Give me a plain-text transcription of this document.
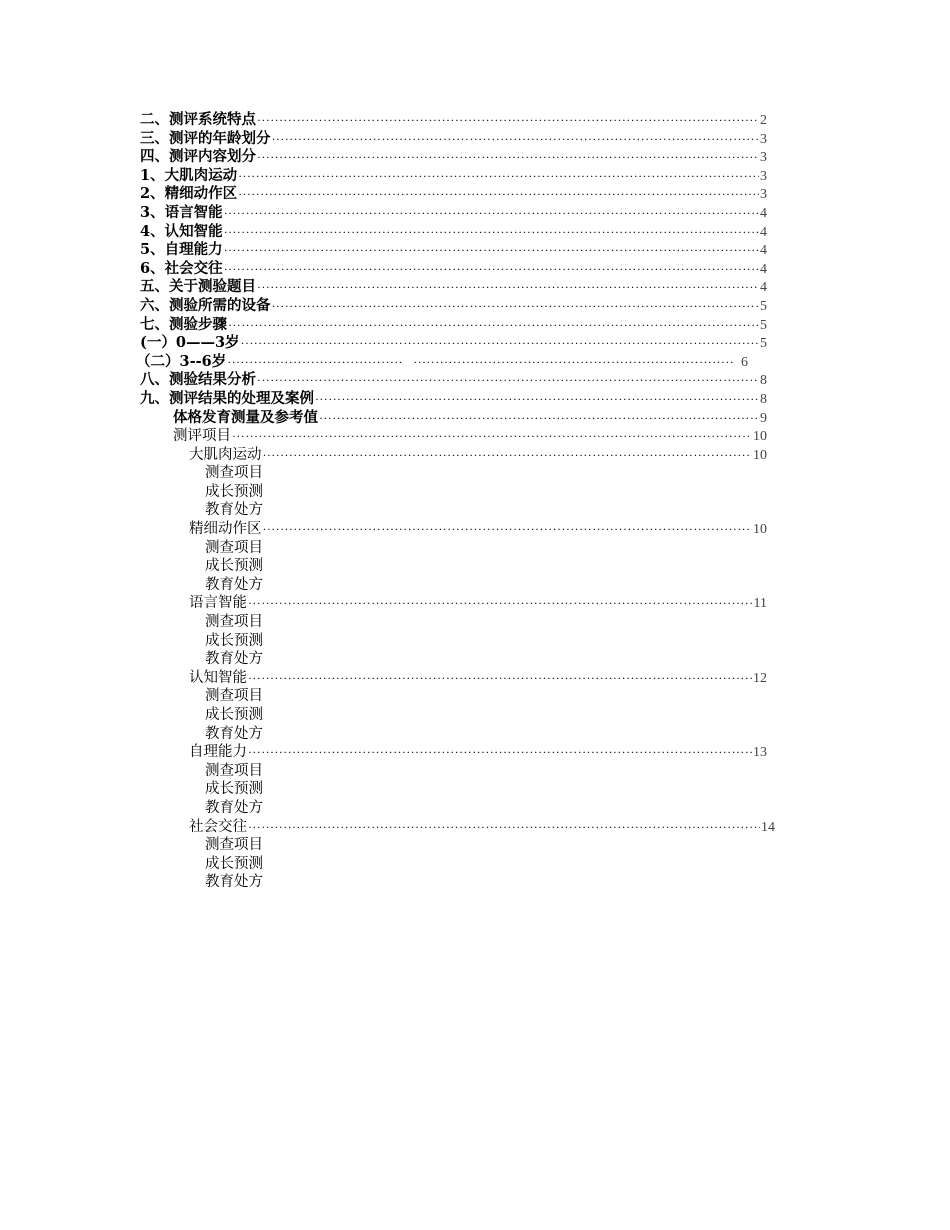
二、测评系统特点 ·····	2
三、测评的年龄划分 ·····	3
四、测评内容划分 ·····	3
1、大肌肉运动 ·····	3
2、精细动作区 ·····	3
3、语言智能 ·····	4
4、认知智能 ·····	4
5、自理能力 ·····	4
6、社会交往 ·····	4
五、关于测验题目 ·····	4
六、测验所需的设备 ·····	5
七、测验步骤 ·····	5
(一）0——3岁 ·····	5
（二）3--6岁 ····· ·····	6
八、测验结果分析 ·····	8
九、测评结果的处理及案例 ·····	8
体格发育测量及参考值 ·····	9
测评项目 ·····	10
大肌肉运动 ·····	10
测查项目
成长预测
教育处方
精细动作区 ·····	10
测查项目
成长预测
教育处方
语言智能 ·····	11
测查项目
成长预测
教育处方
认知智能 ·····	12
测查项目
成长预测
教育处方
自理能力 ·····	13
测查项目
成长预测
教育处方
社会交往 ·····	14
测查项目
成长预测
教育处方
